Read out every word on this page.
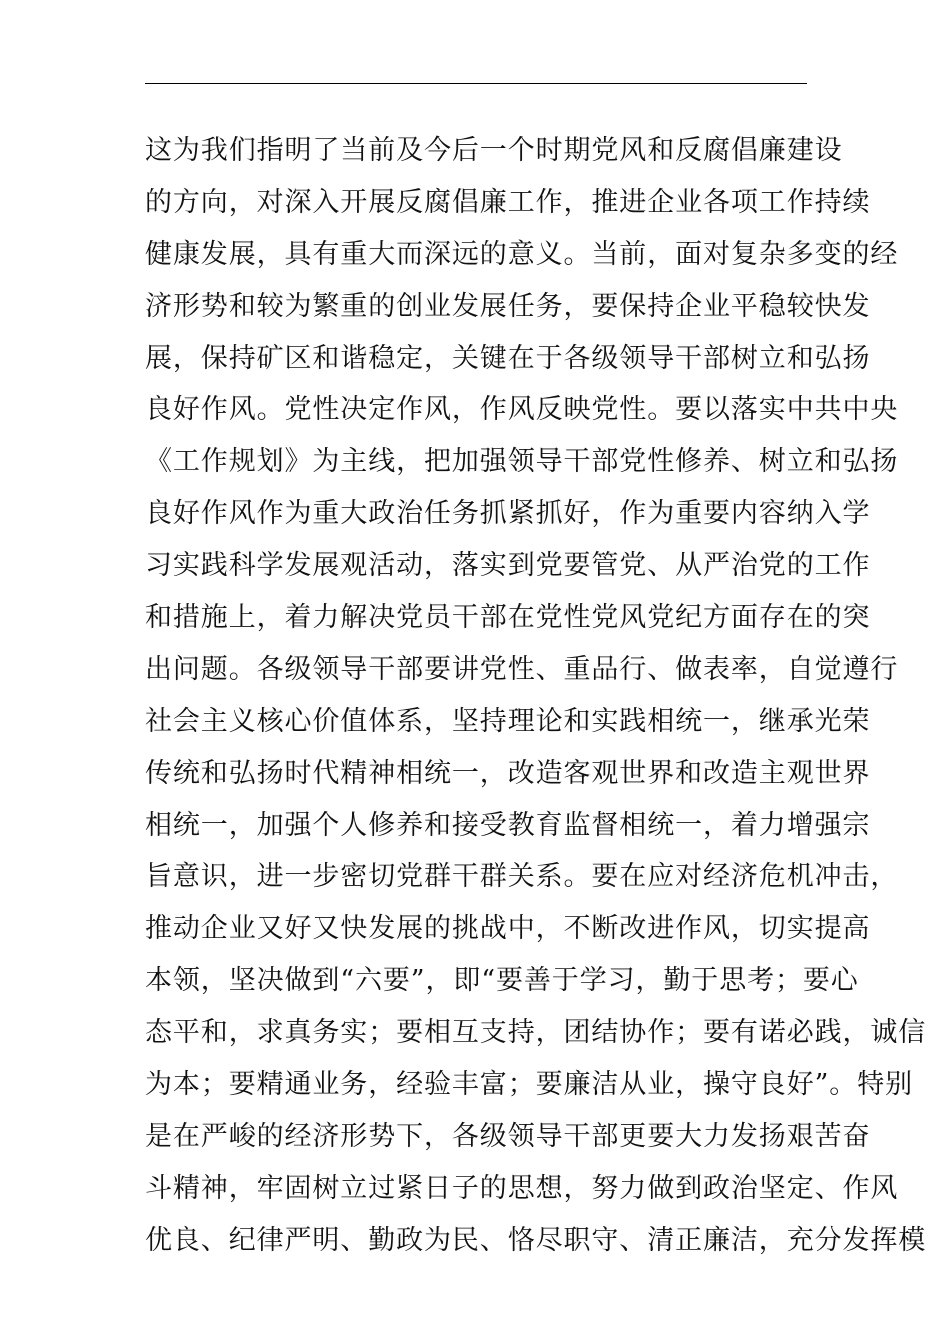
这为我们指明了当前及今后一个时期党风和反腐倡廉建设
的方向，对深入开展反腐倡廉工作，推进企业各项工作持续
健康发展，具有重大而深远的意义。当前，面对复杂多变的经
济形势和较为繁重的创业发展任务，要保持企业平稳较快发
展，保持矿区和谐稳定，关键在于各级领导干部树立和弘扬
良好作风。党性决定作风，作风反映党性。要以落实中共中央
《工作规划》为主线，把加强领导干部党性修养、树立和弘扬
良好作风作为重大政治任务抓紧抓好，作为重要内容纳入学
习实践科学发展观活动，落实到党要管党、从严治党的工作
和措施上，着力解决党员干部在党性党风党纪方面存在的突
出问题。各级领导干部要讲党性、重品行、做表率，自觉遵行
社会主义核心价值体系，坚持理论和实践相统一，继承光荣
传统和弘扬时代精神相统一，改造客观世界和改造主观世界
相统一，加强个人修养和接受教育监督相统一，着力增强宗
旨意识，进一步密切党群干群关系。要在应对经济危机冲击，
推动企业又好又快发展的挑战中，不断改进作风，切实提高
本领，坚决做到“六要”，即“要善于学习，勤于思考；要心
态平和，求真务实；要相互支持，团结协作；要有诺必践，诚信
为本；要精通业务，经验丰富；要廉洁从业，操守良好”。特别
是在严峻的经济形势下，各级领导干部更要大力发扬艰苦奋
斗精神，牢固树立过紧日子的思想，努力做到政治坚定、作风
优良、纪律严明、勤政为民、恪尽职守、清正廉洁，充分发挥模
